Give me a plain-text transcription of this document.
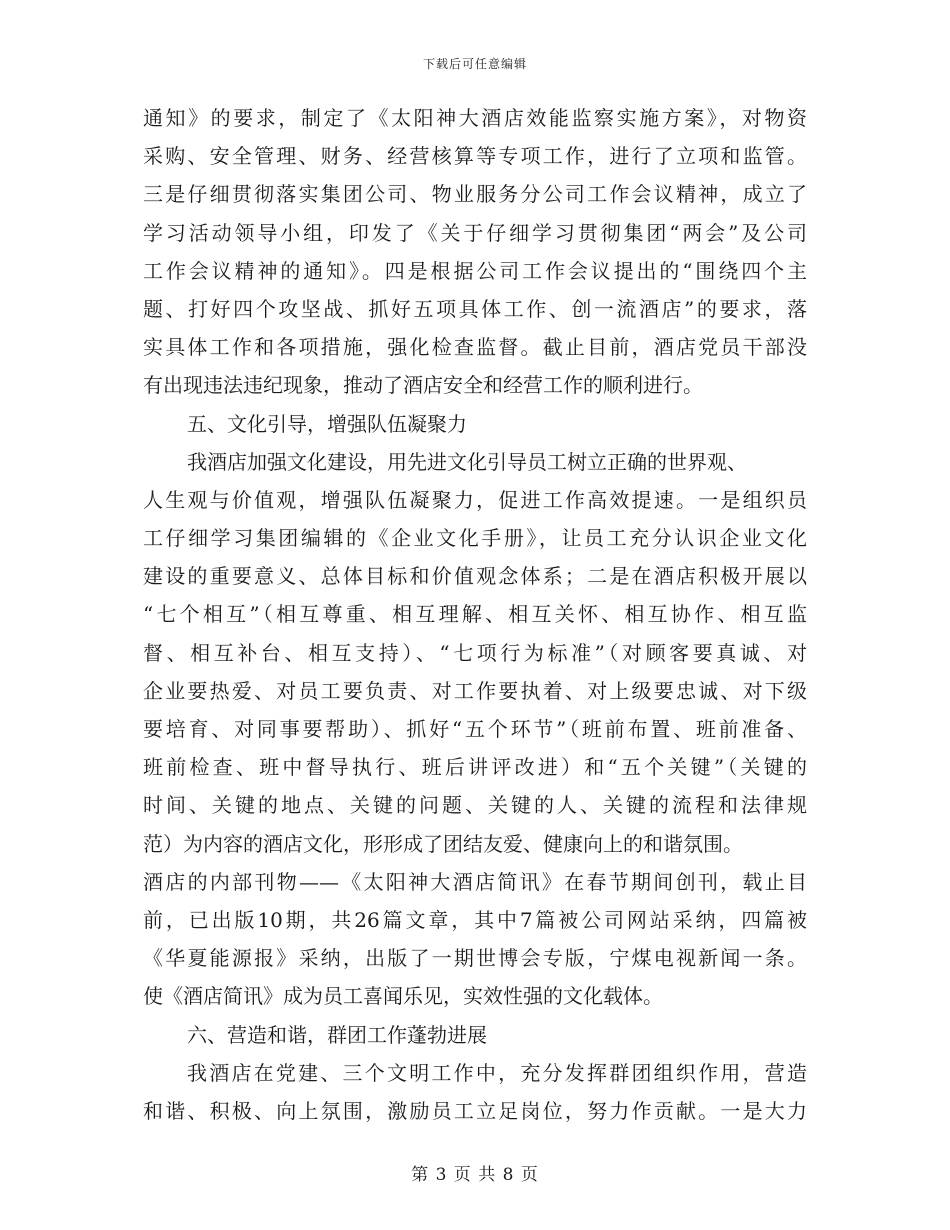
下载后可任意编辑
通知》的要求，制定了《太阳神大酒店效能监察实施方案》，对物资
采购、安全管理、财务、经营核算等专项工作，进行了立项和监管。
三是仔细贯彻落实集团公司、物业服务分公司工作会议精神，成立了
学习活动领导小组，印发了《关于仔细学习贯彻集团“两会”及公司
工作会议精神的通知》。四是根据公司工作会议提出的“围绕四个主
题、打好四个攻坚战、抓好五项具体工作、创一流酒店”的要求，落
实具体工作和各项措施，强化检查监督。截止目前，酒店党员干部没
有出现违法违纪现象，推动了酒店安全和经营工作的顺利进行。
五、文化引导，增强队伍凝聚力
我酒店加强文化建设，用先进文化引导员工树立正确的世界观、
人生观与价值观，增强队伍凝聚力，促进工作高效提速。一是组织员
工仔细学习集团编辑的《企业文化手册》，让员工充分认识企业文化
建设的重要意义、总体目标和价值观念体系；二是在酒店积极开展以
“七个相互”（相互尊重、相互理解、相互关怀、相互协作、相互监
督、相互补台、相互支持）、“七项行为标准”（对顾客要真诚、对
企业要热爱、对员工要负责、对工作要执着、对上级要忠诚、对下级
要培育、对同事要帮助）、抓好“五个环节”（班前布置、班前准备、
班前检查、班中督导执行、班后讲评改进）和“五个关键”（关键的
时间、关键的地点、关键的问题、关键的人、关键的流程和法律规
范）为内容的酒店文化，形形成了团结友爱、健康向上的和谐氛围。
酒店的内部刊物——《太阳神大酒店简讯》在春节期间创刊，载止目
前，已出版10期，共26篇文章，其中7篇被公司网站采纳，四篇被
《华夏能源报》采纳，出版了一期世博会专版，宁煤电视新闻一条。
使《酒店简讯》成为员工喜闻乐见，实效性强的文化载体。
六、营造和谐，群团工作蓬勃进展
我酒店在党建、三个文明工作中，充分发挥群团组织作用，营造
和谐、积极、向上氛围，激励员工立足岗位，努力作贡献。一是大力
第 3 页 共 8 页
